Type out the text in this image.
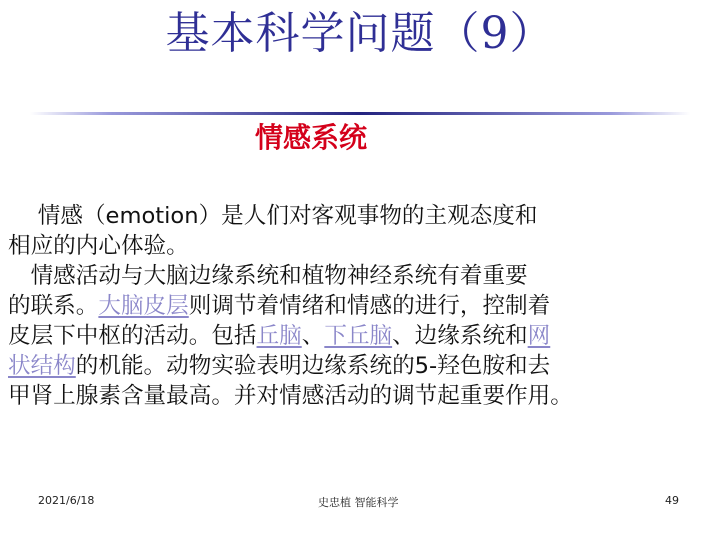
基本科学问题（9）
情感系统
　 情感（emotion）是人们对客观事物的主观态度和
相应的内心体验。
　情感活动与大脑边缘系统和植物神经系统有着重要
的联系。大脑皮层则调节着情绪和情感的进行，控制着
皮层下中枢的活动。包括丘脑、下丘脑、边缘系统和网
状结构的机能。动物实验表明边缘系统的5-羟色胺和去
甲肾上腺素含量最高。并对情感活动的调节起重要作用。
2021/6/18	史忠植 智能科学	49
